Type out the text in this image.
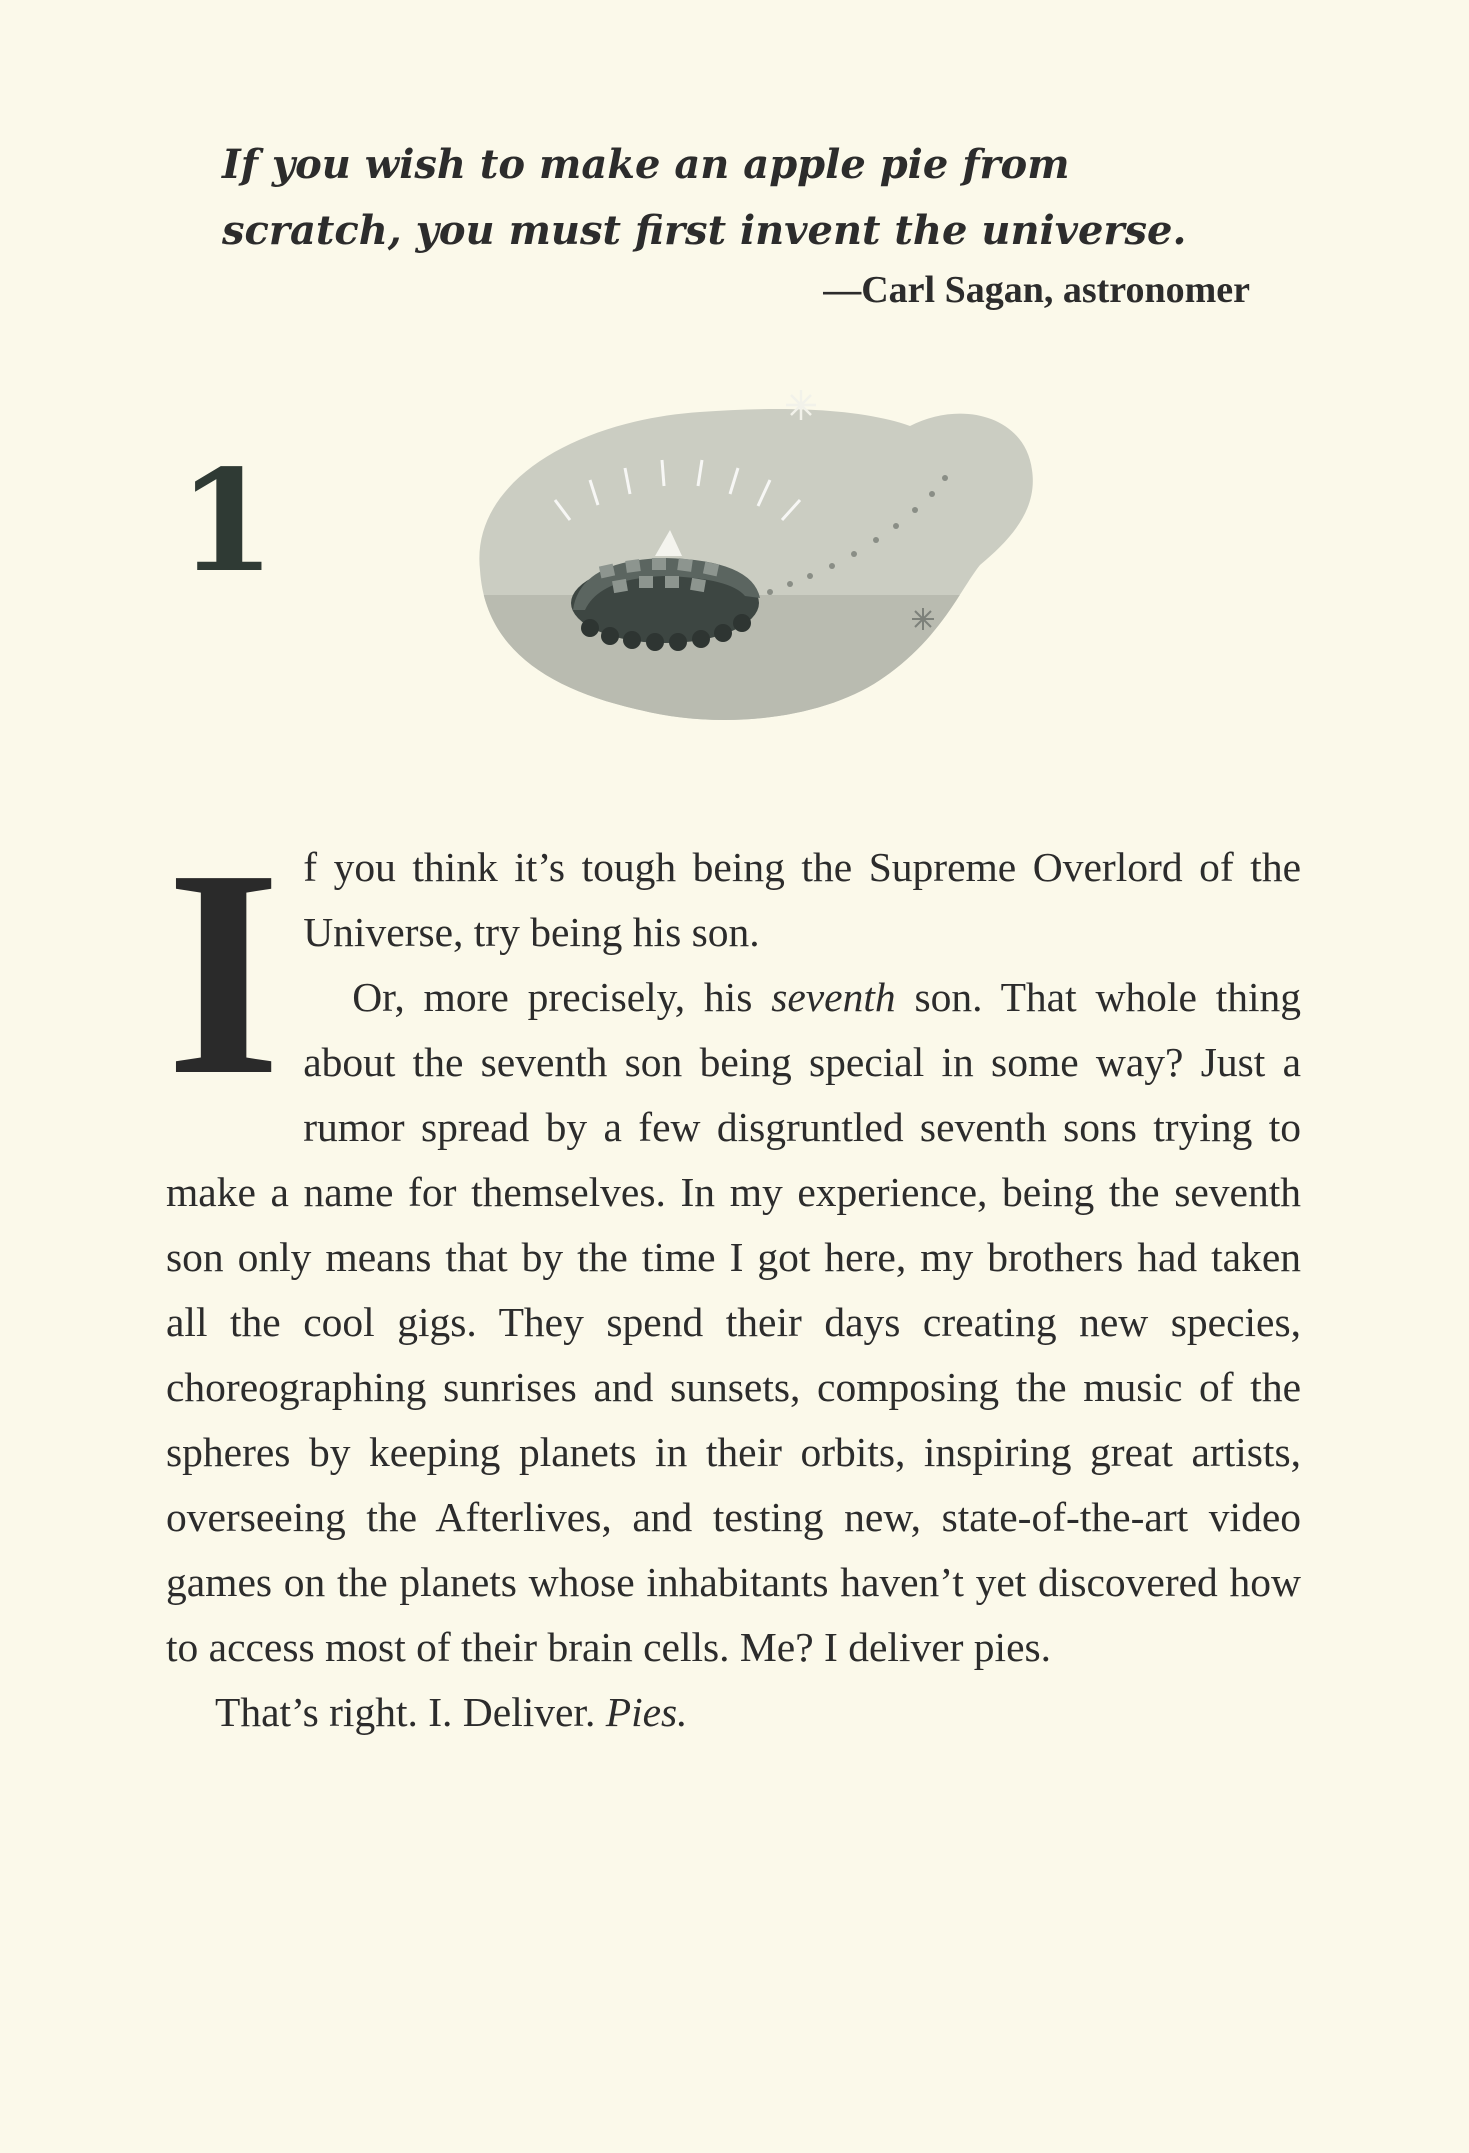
If you wish to make an apple pie from scratch, you must first invent the universe.

—Carl Sagan, astronomer

1
I f you think it’s tough being the Supreme Overlord of the Universe, try being his son.

Or, more precisely, his seventh son. That whole thing about the seventh son being special in some way? Just a rumor spread by a few disgruntled seventh sons trying to make a name for themselves. In my experience, being the seventh son only means that by the time I got here, my brothers had taken all the cool gigs. They spend their days creating new species, choreographing sunrises and sunsets, composing the music of the spheres by keeping planets in their orbits, inspiring great artists, overseeing the Afterlives, and testing new, state-of-the-art video games on the planets whose inhabitants haven’t yet discovered how to access most of their brain cells. Me? I deliver pies.

That’s right. I. Deliver. Pies.
